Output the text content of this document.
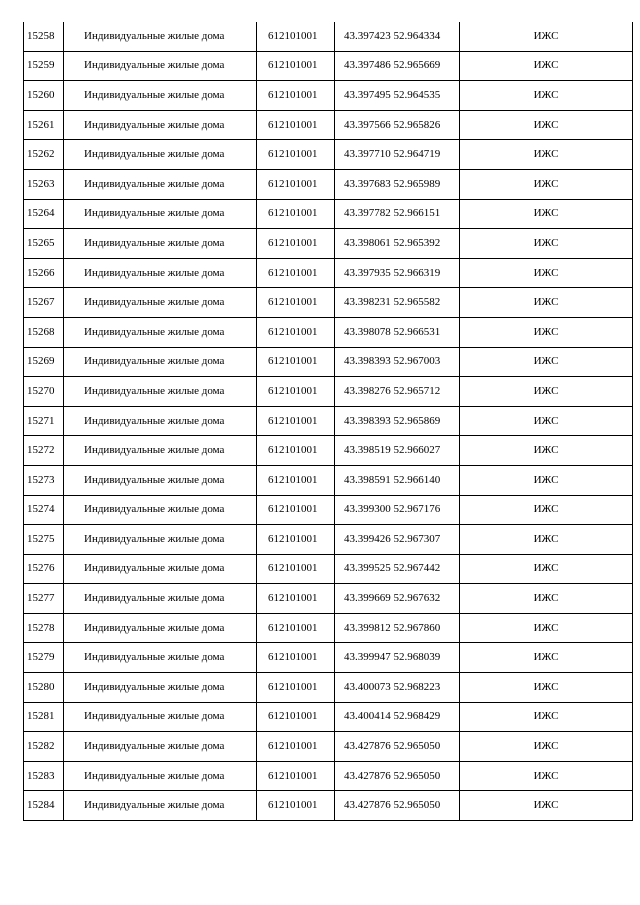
15258	Индивидуальные жилые дома	612101001	43.397423 52.964334	ИЖС
15259	Индивидуальные жилые дома	612101001	43.397486 52.965669	ИЖС
15260	Индивидуальные жилые дома	612101001	43.397495 52.964535	ИЖС
15261	Индивидуальные жилые дома	612101001	43.397566 52.965826	ИЖС
15262	Индивидуальные жилые дома	612101001	43.397710 52.964719	ИЖС
15263	Индивидуальные жилые дома	612101001	43.397683 52.965989	ИЖС
15264	Индивидуальные жилые дома	612101001	43.397782 52.966151	ИЖС
15265	Индивидуальные жилые дома	612101001	43.398061 52.965392	ИЖС
15266	Индивидуальные жилые дома	612101001	43.397935 52.966319	ИЖС
15267	Индивидуальные жилые дома	612101001	43.398231 52.965582	ИЖС
15268	Индивидуальные жилые дома	612101001	43.398078 52.966531	ИЖС
15269	Индивидуальные жилые дома	612101001	43.398393 52.967003	ИЖС
15270	Индивидуальные жилые дома	612101001	43.398276 52.965712	ИЖС
15271	Индивидуальные жилые дома	612101001	43.398393 52.965869	ИЖС
15272	Индивидуальные жилые дома	612101001	43.398519 52.966027	ИЖС
15273	Индивидуальные жилые дома	612101001	43.398591 52.966140	ИЖС
15274	Индивидуальные жилые дома	612101001	43.399300 52.967176	ИЖС
15275	Индивидуальные жилые дома	612101001	43.399426 52.967307	ИЖС
15276	Индивидуальные жилые дома	612101001	43.399525 52.967442	ИЖС
15277	Индивидуальные жилые дома	612101001	43.399669 52.967632	ИЖС
15278	Индивидуальные жилые дома	612101001	43.399812 52.967860	ИЖС
15279	Индивидуальные жилые дома	612101001	43.399947 52.968039	ИЖС
15280	Индивидуальные жилые дома	612101001	43.400073 52.968223	ИЖС
15281	Индивидуальные жилые дома	612101001	43.400414 52.968429	ИЖС
15282	Индивидуальные жилые дома	612101001	43.427876 52.965050	ИЖС
15283	Индивидуальные жилые дома	612101001	43.427876 52.965050	ИЖС
15284	Индивидуальные жилые дома	612101001	43.427876 52.965050	ИЖС
